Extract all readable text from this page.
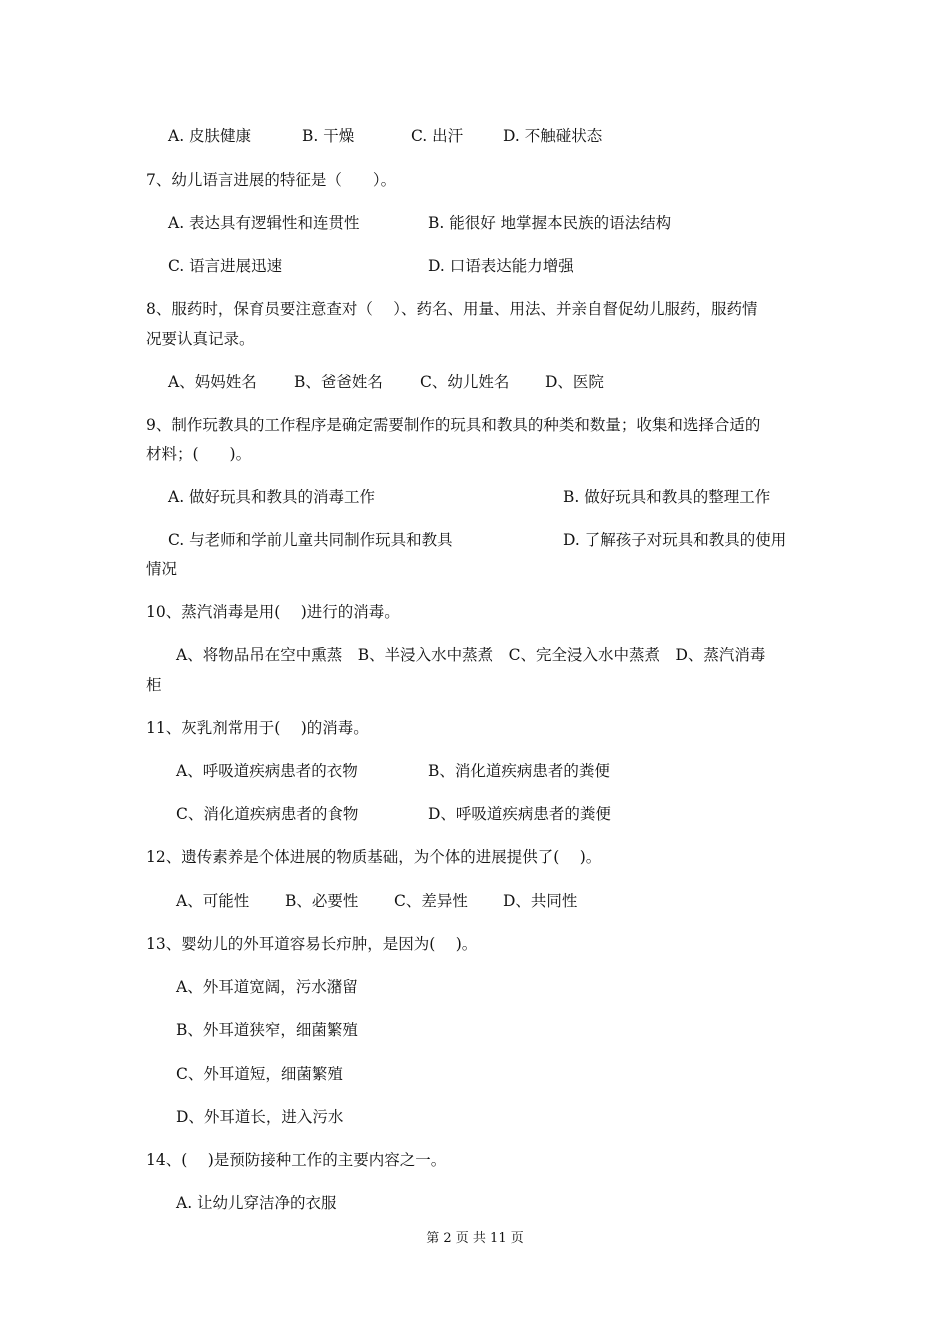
A. 皮肤健康	B. 干燥	C. 出汗	D. 不触碰状态
7、幼儿语言进展的特征是（　　）。
A. 表达具有逻辑性和连贯性	B. 能很好 地掌握本民族的语法结构
C. 语言进展迅速	D. 口语表达能力增强
8、服药时，保育员要注意查对（　 ）、药名、用量、用法、并亲自督促幼儿服药，服药情
况要认真记录。
A、妈妈姓名 B、爸爸姓名 C、幼儿姓名 D、医院
9、制作玩教具的工作程序是确定需要制作的玩具和教具的种类和数量；收集和选择合适的
材料；(　　)。
A. 做好玩具和教具的消毒工作	B. 做好玩具和教具的整理工作
C. 与老师和学前儿童共同制作玩具和教具	D. 了解孩子对玩具和教具的使用
情况
10、蒸汽消毒是用(　 )进行的消毒。
A、将物品吊在空中熏蒸　B、半浸入水中蒸煮　C、完全浸入水中蒸煮　D、蒸汽消毒
柜
11、灰乳剂常用于(　 )的消毒。
A、呼吸道疾病患者的衣物	B、消化道疾病患者的粪便
C、消化道疾病患者的食物	D、呼吸道疾病患者的粪便
12、遗传素养是个体进展的物质基础，为个体的进展提供了(　 )。
A、可能性 B、必要性 C、差异性 D、共同性
13、婴幼儿的外耳道容易长疖肿，是因为(　 )。
A、外耳道宽阔，污水潴留
B、外耳道狭窄，细菌繁殖
C、外耳道短，细菌繁殖
D、外耳道长，进入污水
14、(　 )是预防接种工作的主要内容之一。
A. 让幼儿穿洁净的衣服
第 2 页 共 11 页
